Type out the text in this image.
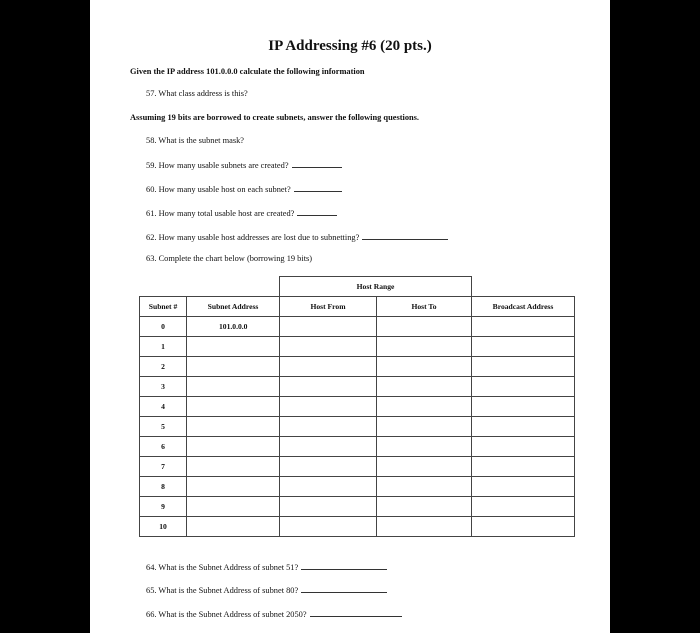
IP Addressing #6 (20 pts.)
Given the IP address 101.0.0.0 calculate the following information
57. What class address is this?
Assuming 19 bits are borrowed to create subnets, answer the following questions.
58. What is the subnet mask?
59. How many usable subnets are created?
60. How many usable host on each subnet?
61. How many total usable host are created?
62. How many usable host addresses are lost due to subnetting?
63. Complete the chart below (borrowing 19 bits)
		Host Range		
Subnet #	Subnet Address	Host From	Host To	Broadcast Address
0	101.0.0.0			
1				
2				
3				
4				
5				
6				
7				
8				
9				
10				
64. What is the Subnet Address of subnet 51?
65. What is the Subnet Address of subnet 80?
66. What is the Subnet Address of subnet 2050?
